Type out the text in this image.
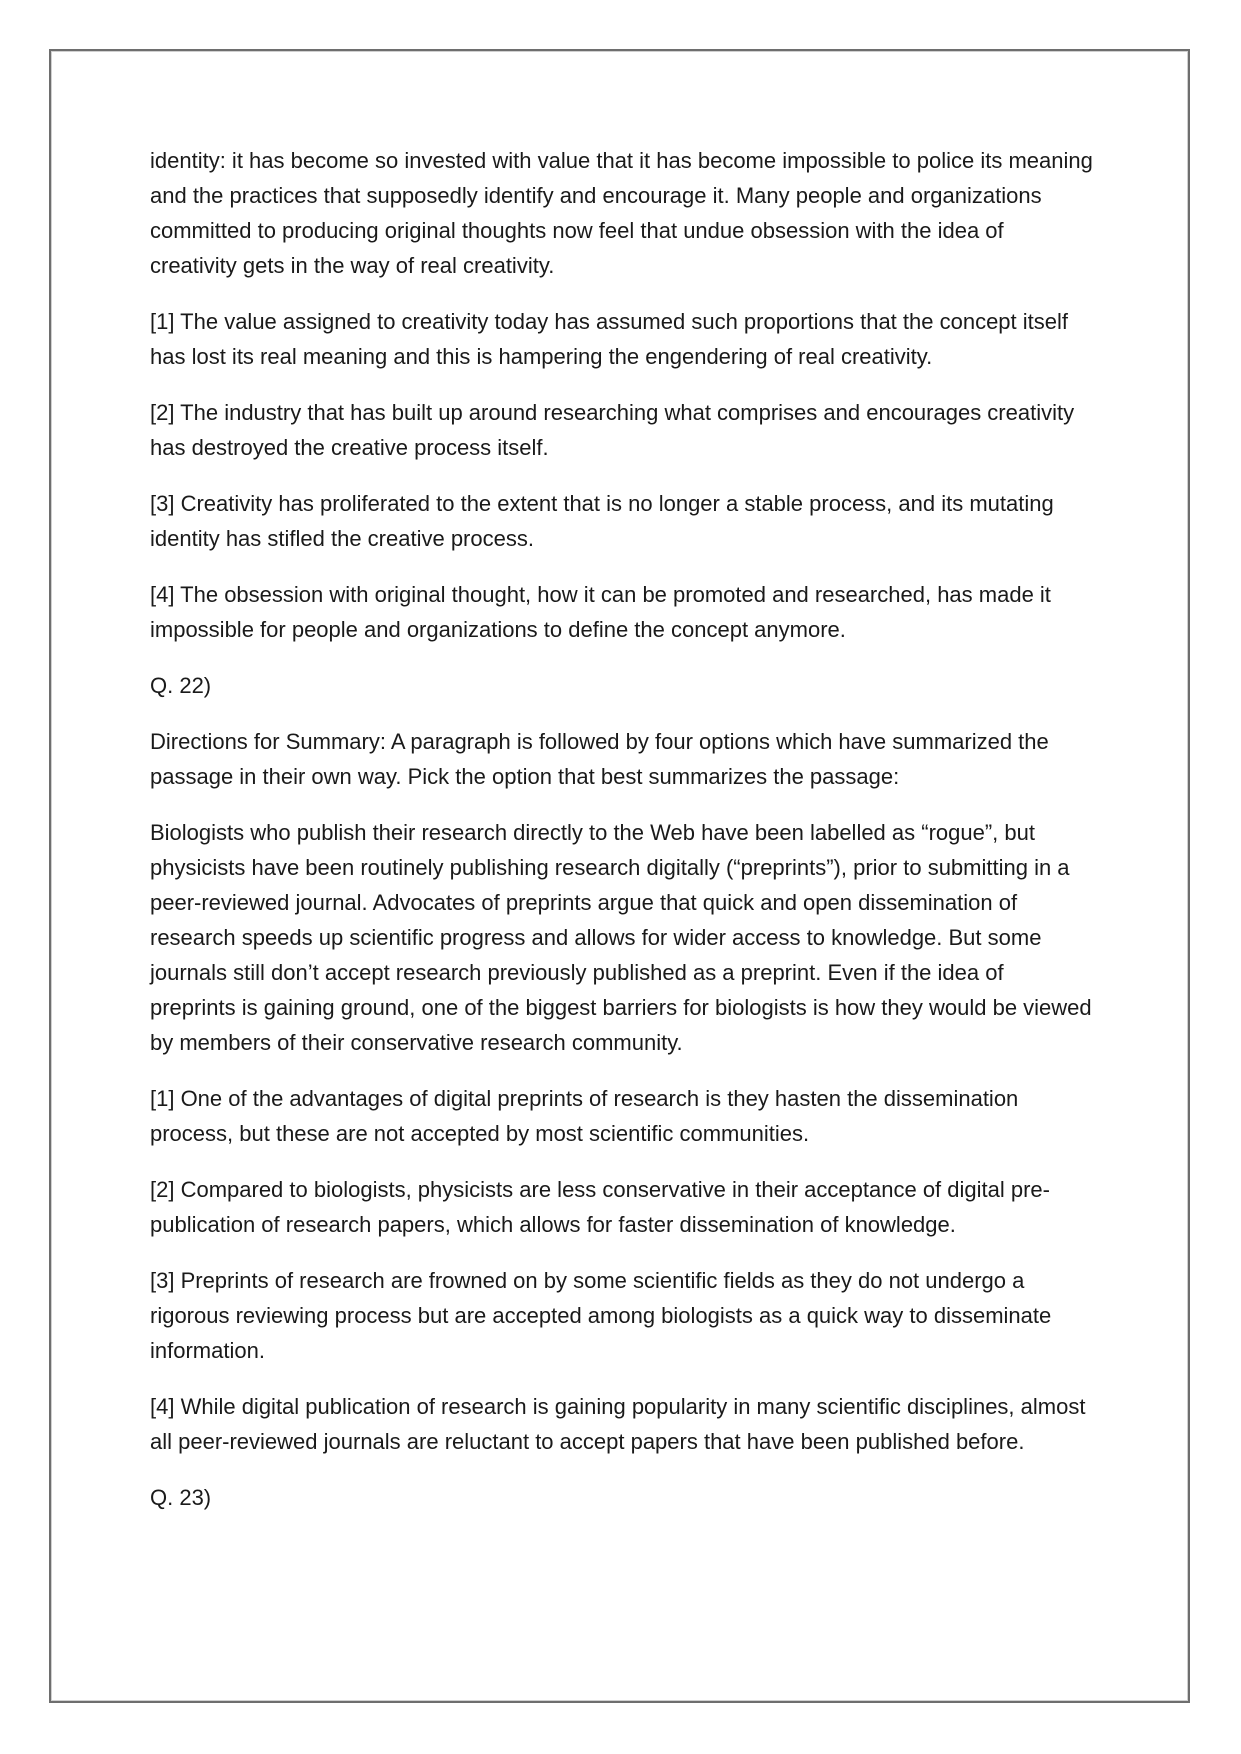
identity: it has become so invested with value that it has become impossible to police its meaning and the practices that supposedly identify and encourage it. Many people and organizations committed to producing original thoughts now feel that undue obsession with the idea of creativity gets in the way of real creativity.

[1] The value assigned to creativity today has assumed such proportions that the concept itself has lost its real meaning and this is hampering the engendering of real creativity.

[2] The industry that has built up around researching what comprises and encourages creativity has destroyed the creative process itself.

[3] Creativity has proliferated to the extent that is no longer a stable process, and its mutating identity has stifled the creative process.

[4] The obsession with original thought, how it can be promoted and researched, has made it impossible for people and organizations to define the concept anymore.

Q. 22)

Directions for Summary: A paragraph is followed by four options which have summarized the passage in their own way. Pick the option that best summarizes the passage:

Biologists who publish their research directly to the Web have been labelled as “rogue”, but physicists have been routinely publishing research digitally (“preprints”), prior to submitting in a peer-reviewed journal. Advocates of preprints argue that quick and open dissemination of research speeds up scientific progress and allows for wider access to knowledge. But some journals still don’t accept research previously published as a preprint. Even if the idea of preprints is gaining ground, one of the biggest barriers for biologists is how they would be viewed by members of their conservative research community.

[1] One of the advantages of digital preprints of research is they hasten the dissemination process, but these are not accepted by most scientific communities.

[2] Compared to biologists, physicists are less conservative in their acceptance of digital pre-publication of research papers, which allows for faster dissemination of knowledge.

[3] Preprints of research are frowned on by some scientific fields as they do not undergo a rigorous reviewing process but are accepted among biologists as a quick way to disseminate information.

[4] While digital publication of research is gaining popularity in many scientific disciplines, almost all peer-reviewed journals are reluctant to accept papers that have been published before.

Q. 23)
